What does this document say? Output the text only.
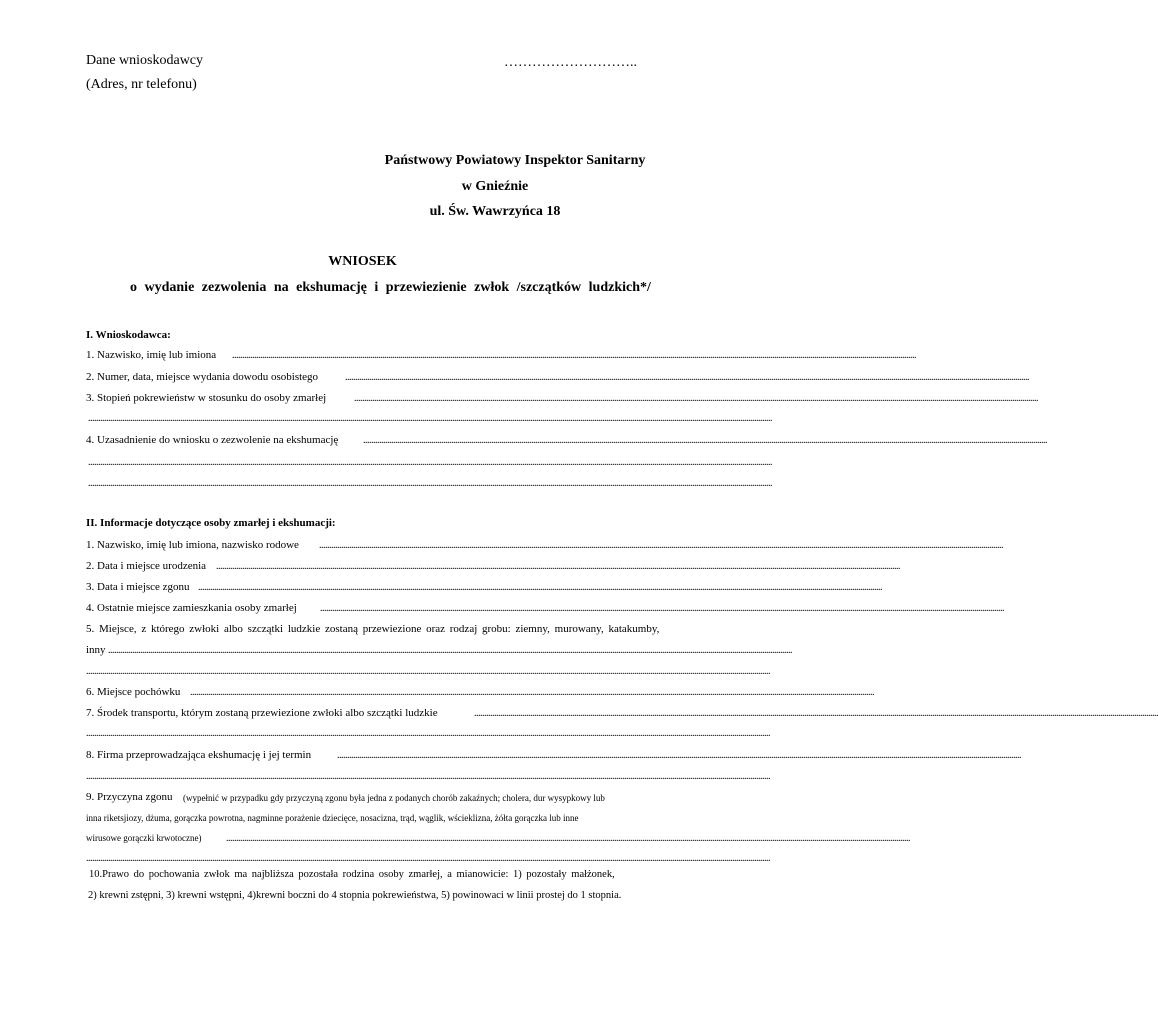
Dane wnioskodawcy	………………………..
(Adres, nr telefonu)
Państwowy Powiatowy Inspektor Sanitarny
w Gnieźnie
ul. Św. Wawrzyńca 18
WNIOSEK
o wydanie zezwolenia na ekshumację i przewiezienie zwłok /szczątków ludzkich*/
I. Wnioskodawca:
1. Nazwisko, imię lub imiona ......................................................................................................................................................................................................................................................................................................................................................
2. Numer, data, miejsce wydania dowodu osobistego	......................................................................................................................................................................................................................................................................................................................................................
3. Stopień pokrewieństw w stosunku do osoby zmarłej	......................................................................................................................................................................................................................................................................................................................................................
......................................................................................................................................................................................................................................................................................................................................................
4. Uzasadnienie do wniosku o zezwolenie na ekshumację ......................................................................................................................................................................................................................................................................................................................................................
......................................................................................................................................................................................................................................................................................................................................................
......................................................................................................................................................................................................................................................................................................................................................
II. Informacje dotyczące osoby zmarłej i ekshumacji:
1. Nazwisko, imię lub imiona, nazwisko rodowe ......................................................................................................................................................................................................................................................................................................................................................
2. Data i miejsce urodzenia ......................................................................................................................................................................................................................................................................................................................................................
3. Data i miejsce zgonu ......................................................................................................................................................................................................................................................................................................................................................
4. Ostatnie miejsce zamieszkania osoby zmarłej ......................................................................................................................................................................................................................................................................................................................................................
5. Miejsce, z którego zwłoki albo szczątki ludzkie zostaną przewiezione oraz rodzaj grobu: ziemny, murowany, katakumby,
inny ......................................................................................................................................................................................................................................................................................................................................................
......................................................................................................................................................................................................................................................................................................................................................
6. Miejsce pochówku ......................................................................................................................................................................................................................................................................................................................................................
7. Środek transportu, którym zostaną przewiezione zwłoki albo szczątki ludzkie	......................................................................................................................................................................................................................................................................................................................................................
......................................................................................................................................................................................................................................................................................................................................................
8. Firma przeprowadzająca ekshumację i jej termin	......................................................................................................................................................................................................................................................................................................................................................
......................................................................................................................................................................................................................................................................................................................................................
9. Przyczyna zgonu (wypełnić w przypadku gdy przyczyną zgonu była jedna z podanych chorób zakaźnych; cholera, dur wysypkowy lub
inna riketsjiozy, dżuma, gorączka powrotna, nagminne porażenie dziecięce, nosacizna, trąd, wąglik, wścieklizna, żółta gorączka lub inne
wirusowe gorączki krwotoczne) ......................................................................................................................................................................................................................................................................................................................................................
......................................................................................................................................................................................................................................................................................................................................................
10.Prawo do pochowania zwłok ma najbliższa pozostała rodzina osoby zmarłej, a mianowicie: 1) pozostały małżonek,
2) krewni zstępni, 3) krewni wstępni, 4)krewni boczni do 4 stopnia pokrewieństwa, 5) powinowaci w linii prostej do 1 stopnia.
